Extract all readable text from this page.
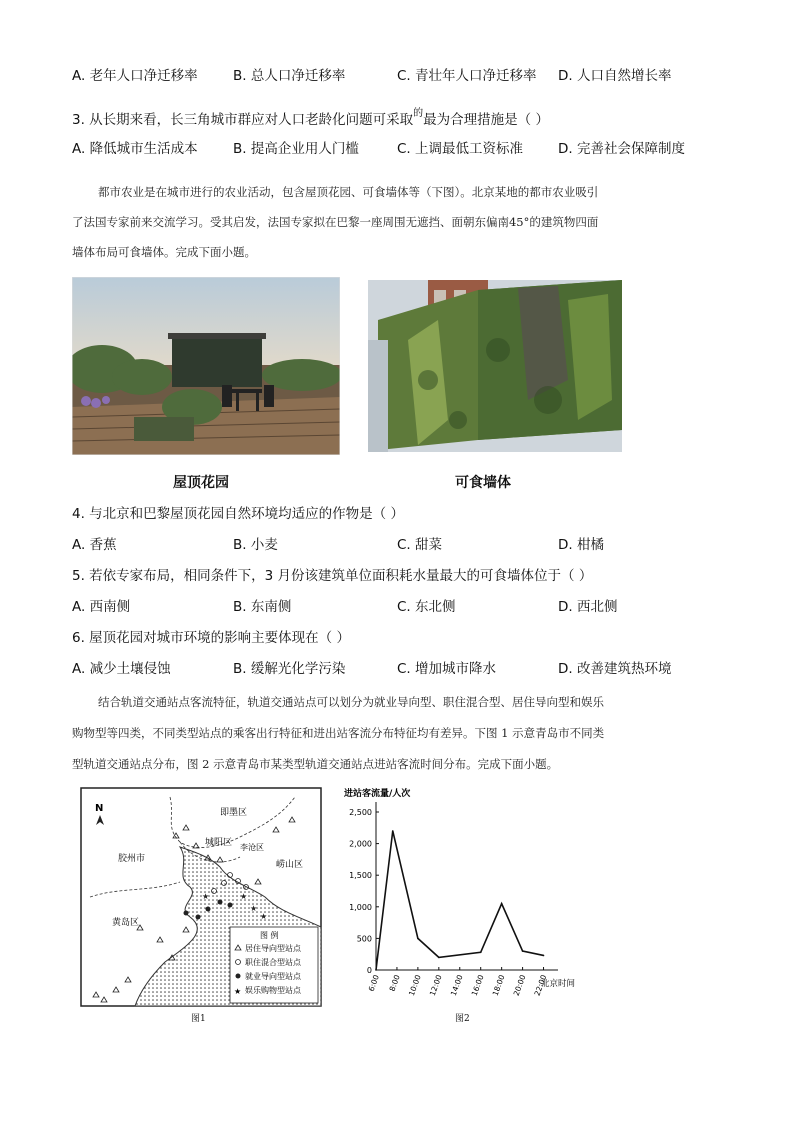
A. 老年人口净迁移率	B. 总人口净迁移率	C. 青壮年人口净迁移率 D. 人口自然增长率
3. 从长期来看，长三角城市群应对人口老龄化问题可采取$^的$最为合理措施是（ ）
A. 降低城市生活成本	B. 提高企业用人门槛	C. 上调最低工资标准	D. 完善社会保障制度
都市农业是在城市进行的农业活动，包含屋顶花园、可食墙体等（下图）。北京某地的都市农业吸引
了法国专家前来交流学习。受其启发，法国专家拟在巴黎一座周围无遮挡、面朝东偏南45°的建筑物四面
墙体布局可食墙体。完成下面小题。
屋顶花园	可食墙体
4. 与北京和巴黎屋顶花园自然环境均适应的作物是（ ）
A. 香蕉	B. 小麦	C. 甜菜	D. 柑橘
5. 若依专家布局，相同条件下，3 月份该建筑单位面积耗水量最大的可食墙体位于（ ）
A. 西南侧	B. 东南侧	C. 东北侧	D. 西北侧
6. 屋顶花园对城市环境的影响主要体现在（ ）
A. 减少土壤侵蚀	B. 缓解光化学污染	C. 增加城市降水	D. 改善建筑热环境
结合轨道交通站点客流特征，轨道交通站点可以划分为就业导向型、职住混合型、居住导向型和娱乐
购物型等四类，不同类型站点的乘客出行特征和进出站客流分布特征均有差异。下图 1 示意青岛市不同类
型轨道交通站点分布，图 2 示意青岛市某类型轨道交通站点进站客流时间分布。完成下面小题。
N	即墨区
胶州市
城阳区 李沧区
崂山区
黄岛区
★
★
★
★
图 例
居住导向型站点
职住混合型站点
就业导向型站点
★ 娱乐购物型站点
图1
进站客流量/人次
0
500
1,000
1,500
2,000
2,500
6:00 8:00 10:00 12:00 14:00 16:00 18:00 20:00 22:00
北京时间
图2
